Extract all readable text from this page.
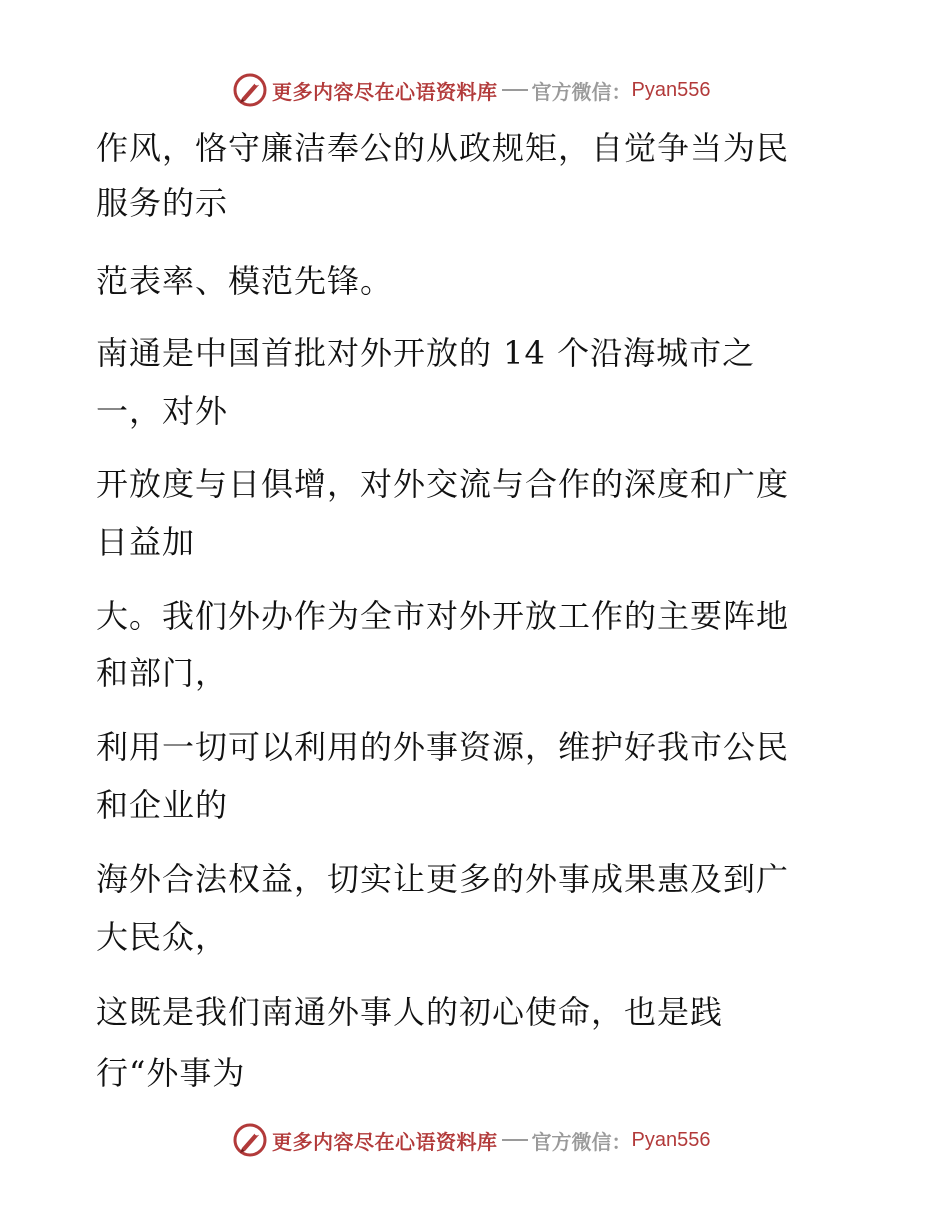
更多内容尽在心语资料库 官方微信： Pyan556
作风，恪守廉洁奉公的从政规矩，自觉争当为民
服务的示
范表率、模范先锋。
南通是中国首批对外开放的 14 个沿海城市之
一，对外
开放度与日俱增，对外交流与合作的深度和广度
日益加
大。我们外办作为全市对外开放工作的主要阵地
和部门，
利用一切可以利用的外事资源，维护好我市公民
和企业的
海外合法权益，切实让更多的外事成果惠及到广
大民众，
这既是我们南通外事人的初心使命，也是践
行“外事为
更多内容尽在心语资料库 官方微信： Pyan556
